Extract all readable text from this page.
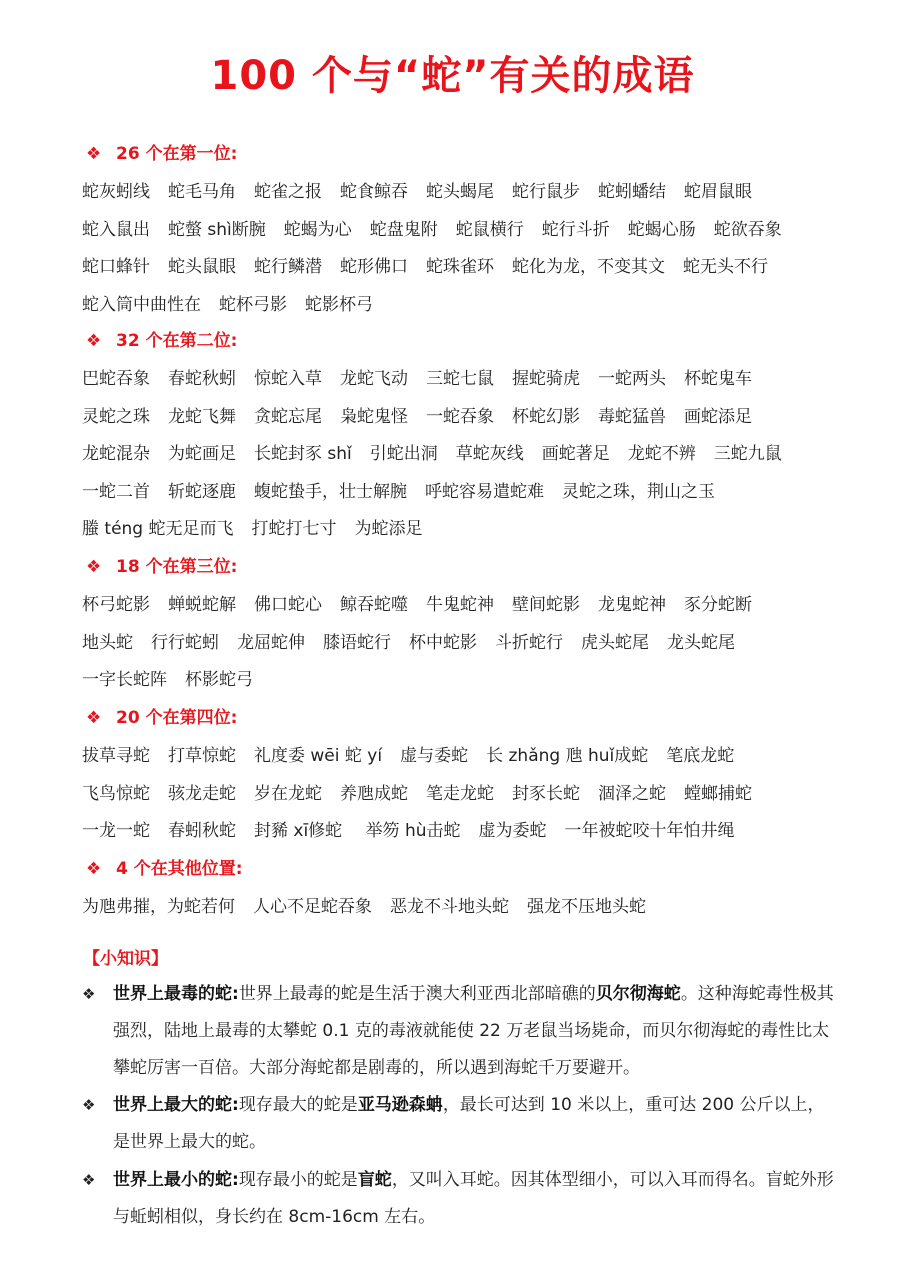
100 个与“蛇”有关的成语
❖ 26 个在第一位:
蛇灰蚓线 蛇毛马角 蛇雀之报 蛇食鲸吞 蛇头蝎尾 蛇行鼠步 蛇蚓蟠结 蛇眉鼠眼
蛇入鼠出 蛇螫 shì断腕 蛇蝎为心 蛇盘鬼附 蛇鼠横行 蛇行斗折 蛇蝎心肠 蛇欲吞象
蛇口蜂针 蛇头鼠眼 蛇行鳞潜 蛇形佛口 蛇珠雀环 蛇化为龙，不变其文 蛇无头不行
蛇入筒中曲性在 蛇杯弓影 蛇影杯弓
❖ 32 个在第二位:
巴蛇吞象 春蛇秋蚓 惊蛇入草 龙蛇飞动 三蛇七鼠 握蛇骑虎 一蛇两头 杯蛇鬼车
灵蛇之珠 龙蛇飞舞 贪蛇忘尾 枭蛇鬼怪 一蛇吞象 杯蛇幻影 毒蛇猛兽 画蛇添足
龙蛇混杂 为蛇画足 长蛇封豕 shǐ 引蛇出洞 草蛇灰线 画蛇著足 龙蛇不辨 三蛇九鼠
一蛇二首 斩蛇逐鹿 蝮蛇蛰手，壮士解腕 呼蛇容易遣蛇难 灵蛇之珠，荆山之玉
螣 téng 蛇无足而飞 打蛇打七寸 为蛇添足
❖ 18 个在第三位:
杯弓蛇影 蝉蜕蛇解 佛口蛇心 鲸吞蛇噬 牛鬼蛇神 壁间蛇影 龙鬼蛇神 豕分蛇断
地头蛇 行行蛇蚓 龙屈蛇伸 膝语蛇行 杯中蛇影 斗折蛇行 虎头蛇尾 龙头蛇尾
一字长蛇阵 杯影蛇弓
❖ 20 个在第四位:
拔草寻蛇 打草惊蛇 礼度委 wēi 蛇 yí 虚与委蛇 长 zhǎng 虺 huǐ成蛇 笔底龙蛇
飞鸟惊蛇 骇龙走蛇 岁在龙蛇 养虺成蛇 笔走龙蛇 封豕长蛇 涸泽之蛇 螳螂捕蛇
一龙一蛇 春蚓秋蛇 封豨 xī修蛇 举笏 hù击蛇 虚为委蛇 一年被蛇咬十年怕井绳
❖ 4 个在其他位置:
为虺弗摧，为蛇若何 人心不足蛇吞象 恶龙不斗地头蛇 强龙不压地头蛇
【小知识】
❖	世界上最毒的蛇:世界上最毒的蛇是生活于澳大利亚西北部暗礁的贝尔彻海蛇。这种海蛇毒性极其强烈，陆地上最毒的太攀蛇 0.1 克的毒液就能使 22 万老鼠当场毙命，而贝尔彻海蛇的毒性比太攀蛇厉害一百倍。大部分海蛇都是剧毒的，所以遇到海蛇千万要避开。
❖	世界上最大的蛇:现存最大的蛇是亚马逊森蚺，最长可达到 10 米以上，重可达 200 公斤以上，是世界上最大的蛇。
❖	世界上最小的蛇:现存最小的蛇是盲蛇，又叫入耳蛇。因其体型细小，可以入耳而得名。盲蛇外形与蚯蚓相似，身长约在 8cm-16cm 左右。
